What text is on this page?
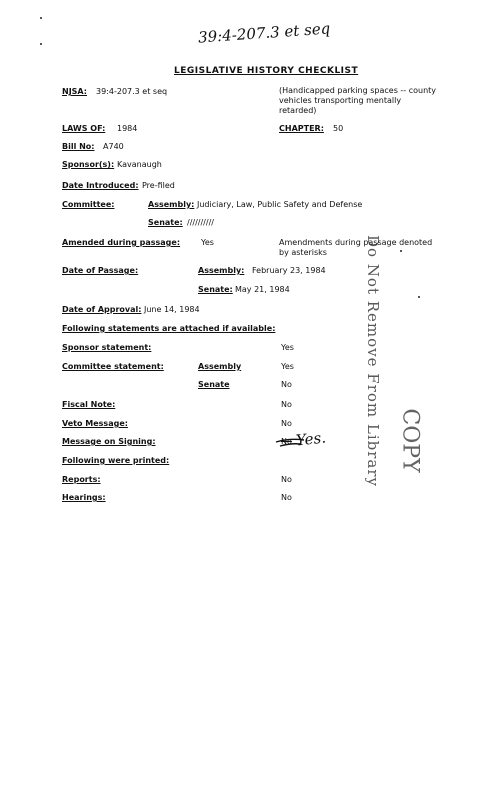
39:4-207.3 et seq
LEGISLATIVE HISTORY CHECKLIST
NJSA: 39:4-207.3 et seq	(Handicapped parking spaces -- county
vehicles transporting mentally
retarded)
LAWS OF: 1984	CHAPTER: 50
Bill No: A740
Sponsor(s): Kavanaugh
Date Introduced: Pre-filed
Committee:	Assembly: Judiciary, Law, Public Safety and Defense
Senate: //////////
Amended during passage:	Yes	Amendments during passage denoted
by asterisks
Date of Passage:	Assembly: February 23, 1984
Senate: May 21, 1984
Date of Approval: June 14, 1984
Following statements are attached if available:
Sponsor statement:	Yes
Committee statement:	Assembly	Yes
Senate	No
Fiscal Note:	No
Veto Message:	No
Message on Signing:	No Yes.
Following were printed:
Reports:	No
Hearings:	No
Do Not Remove From Library COPY
